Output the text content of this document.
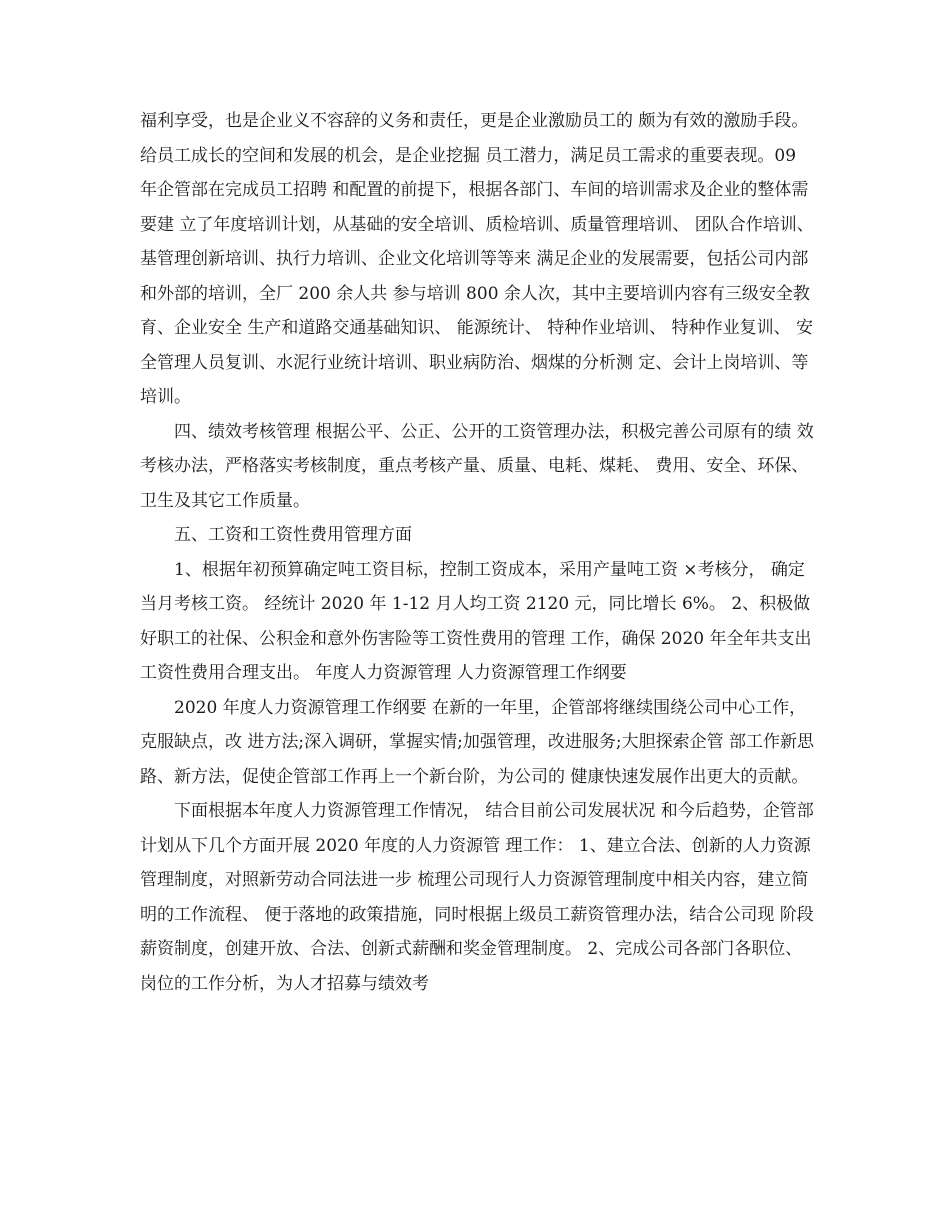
福利享受，也是企业义不容辞的义务和责任，更是企业激励员工的 颇为有效的激励手段。给员工成长的空间和发展的机会，是企业挖掘 员工潜力，满足员工需求的重要表现。09 年企管部在完成员工招聘 和配置的前提下，根据各部门、车间的培训需求及企业的整体需要建 立了年度培训计划，从基础的安全培训、质检培训、质量管理培训、 团队合作培训、基管理创新培训、执行力培训、企业文化培训等等来 满足企业的发展需要，包括公司内部和外部的培训，全厂 200 余人共 参与培训 800 余人次，其中主要培训内容有三级安全教育、企业安全 生产和道路交通基础知识、 能源统计、 特种作业培训、 特种作业复训、 安全管理人员复训、水泥行业统计培训、职业病防治、烟煤的分析测 定、会计上岗培训、等培训。

四、绩效考核管理 根据公平、公正、公开的工资管理办法，积极完善公司原有的绩 效考核办法，严格落实考核制度，重点考核产量、质量、电耗、煤耗、 费用、安全、环保、卫生及其它工作质量。

五、工资和工资性费用管理方面

1、根据年初预算确定吨工资目标，控制工资成本，采用产量吨工资 ×考核分， 确定当月考核工资。 经统计 2020 年 1-12 月人均工资 2120 元，同比增长 6%。 2、积极做好职工的社保、公积金和意外伤害险等工资性费用的管理 工作，确保 2020 年全年共支出工资性费用合理支出。 年度人力资源管理 人力资源管理工作纲要

2020 年度人力资源管理工作纲要 在新的一年里，企管部将继续围绕公司中心工作，克服缺点，改 进方法;深入调研，掌握实情;加强管理，改进服务;大胆探索企管 部工作新思路、新方法，促使企管部工作再上一个新台阶，为公司的 健康快速发展作出更大的贡献。

下面根据本年度人力资源管理工作情况， 结合目前公司发展状况 和今后趋势，企管部计划从下几个方面开展 2020 年度的人力资源管 理工作： 1、建立合法、创新的人力资源管理制度，对照新劳动合同法进一步 梳理公司现行人力资源管理制度中相关内容，建立简明的工作流程、 便于落地的政策措施，同时根据上级员工薪资管理办法，结合公司现 阶段薪资制度，创建开放、合法、创新式薪酬和奖金管理制度。 2、完成公司各部门各职位、岗位的工作分析，为人才招募与绩效考
